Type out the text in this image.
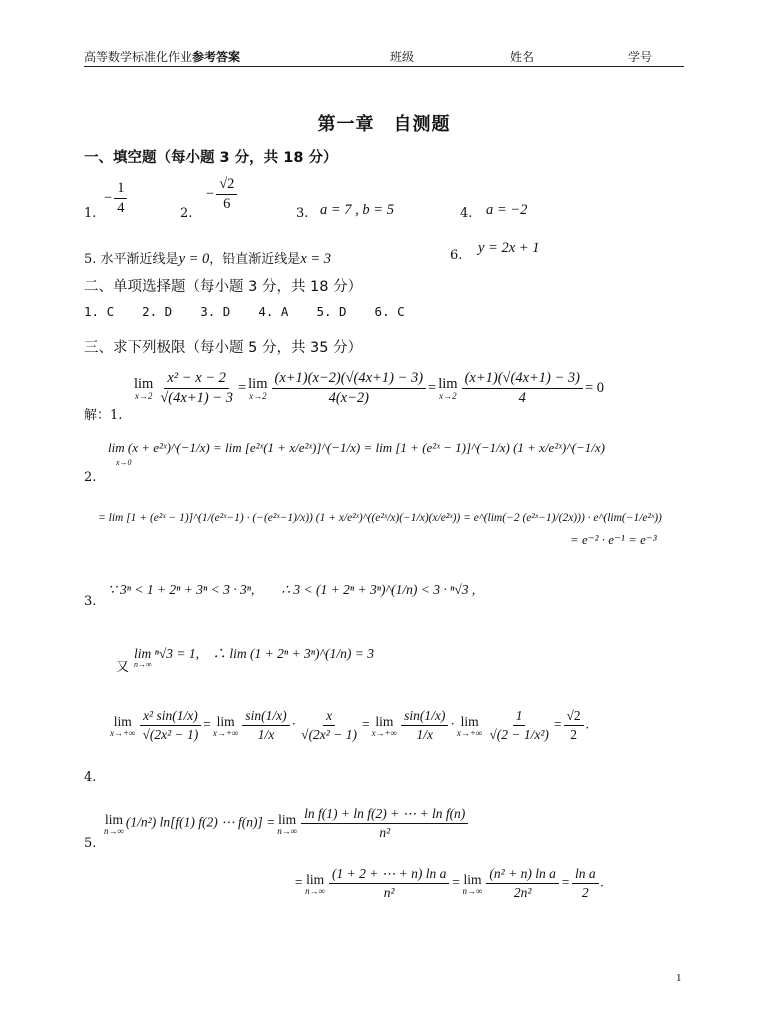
高等数学标准化作业参考答案	班级	姓名	学号
第一章　自测题
一、填空题（每小题 3 分，共 18 分）
1.
− $\frac{1}{4}$	2.
− $\frac{√2}{6}$
3. a = 7 , b = 5	4. a = −2
5. 水平渐近线是y = 0，铅直渐近线是x = 3	6. y = 2x + 1
二、单项选择题（每小题 3 分，共 18 分）
1. C 2. D 3. D 4. A 5. D 6. C
三、求下列极限（每小题 5 分，共 35 分）
解：1.
lim
$x\to 2 \frac{\text{x² − x − 2}}{√(4x+1) - 3} = \lim$
$x\to 2 \frac{(x+1)(x-2)(√(4x+1) - 3)}{4(x-2)} = \lim$
$x\to 2 \frac{(x+1)(√(4x+1) - 3)}{4} = 0$
2.
lim (x + e²ˣ)^(−1/x) = lim [e²ˣ(1 + x/e²ˣ)]^(−1/x) = lim [1 + (e²ˣ − 1)]^(−1/x) (1 + x/e²ˣ)^(−1/x)
x→0
= lim [1 + (e²ˣ − 1)]^(1/(e²ˣ−1) · (−(e²ˣ−1)/x)) (1 + x/e²ˣ)^((e²ˣ/x)(−1/x)(x/e²ˣ)) = e^(lim(−2 (e²ˣ−1)/(2x))) · e^(lim(−1/e²ˣ))
= e⁻² · e⁻¹ = e⁻³
3.
∵ 3ⁿ < 1 + 2ⁿ + 3ⁿ < 3 · 3ⁿ,　　∴ 3 < (1 + 2ⁿ + 3ⁿ)^(1/n) < 3 · ⁿ√3 ,
又
lim ⁿ√3 = 1,　∴ lim (1 + 2ⁿ + 3ⁿ)^(1/n) = 3
n→∞
4.
lim
$x\to+\infty \frac{\text{x² sin(1/x)}}{\text{√(2x² − 1)}} = \lim$
$x\to+\infty \frac{\sin(1/x)}{1/x} \cdot \frac{x}{\text{√(2x² − 1)}} = \lim$
$x\to+\infty \frac{\sin(1/x)}{1/x} \cdot \lim$
$x\to+\infty \frac{1}{\text{√(2 − 1/x²)}} = \frac{√2}{2}$ .
5.
lim
n→∞
(1/n²) ln[f(1) f(2) ⋯ f(n)] = lim
$n\to\infty \frac{\text{ln f(1) + ln f(2) + ⋯ + ln f(n)}}{\text{n²}}$
= lim
$n\to\infty \frac{\text{(1 + 2 + ⋯ + n) ln a}}{\text{n²}} = \lim$
$n\to\infty \frac{\text{(n² + n) ln a}}{\text{2n²}} = \frac{\text{ln a}}{2}$ .
1
